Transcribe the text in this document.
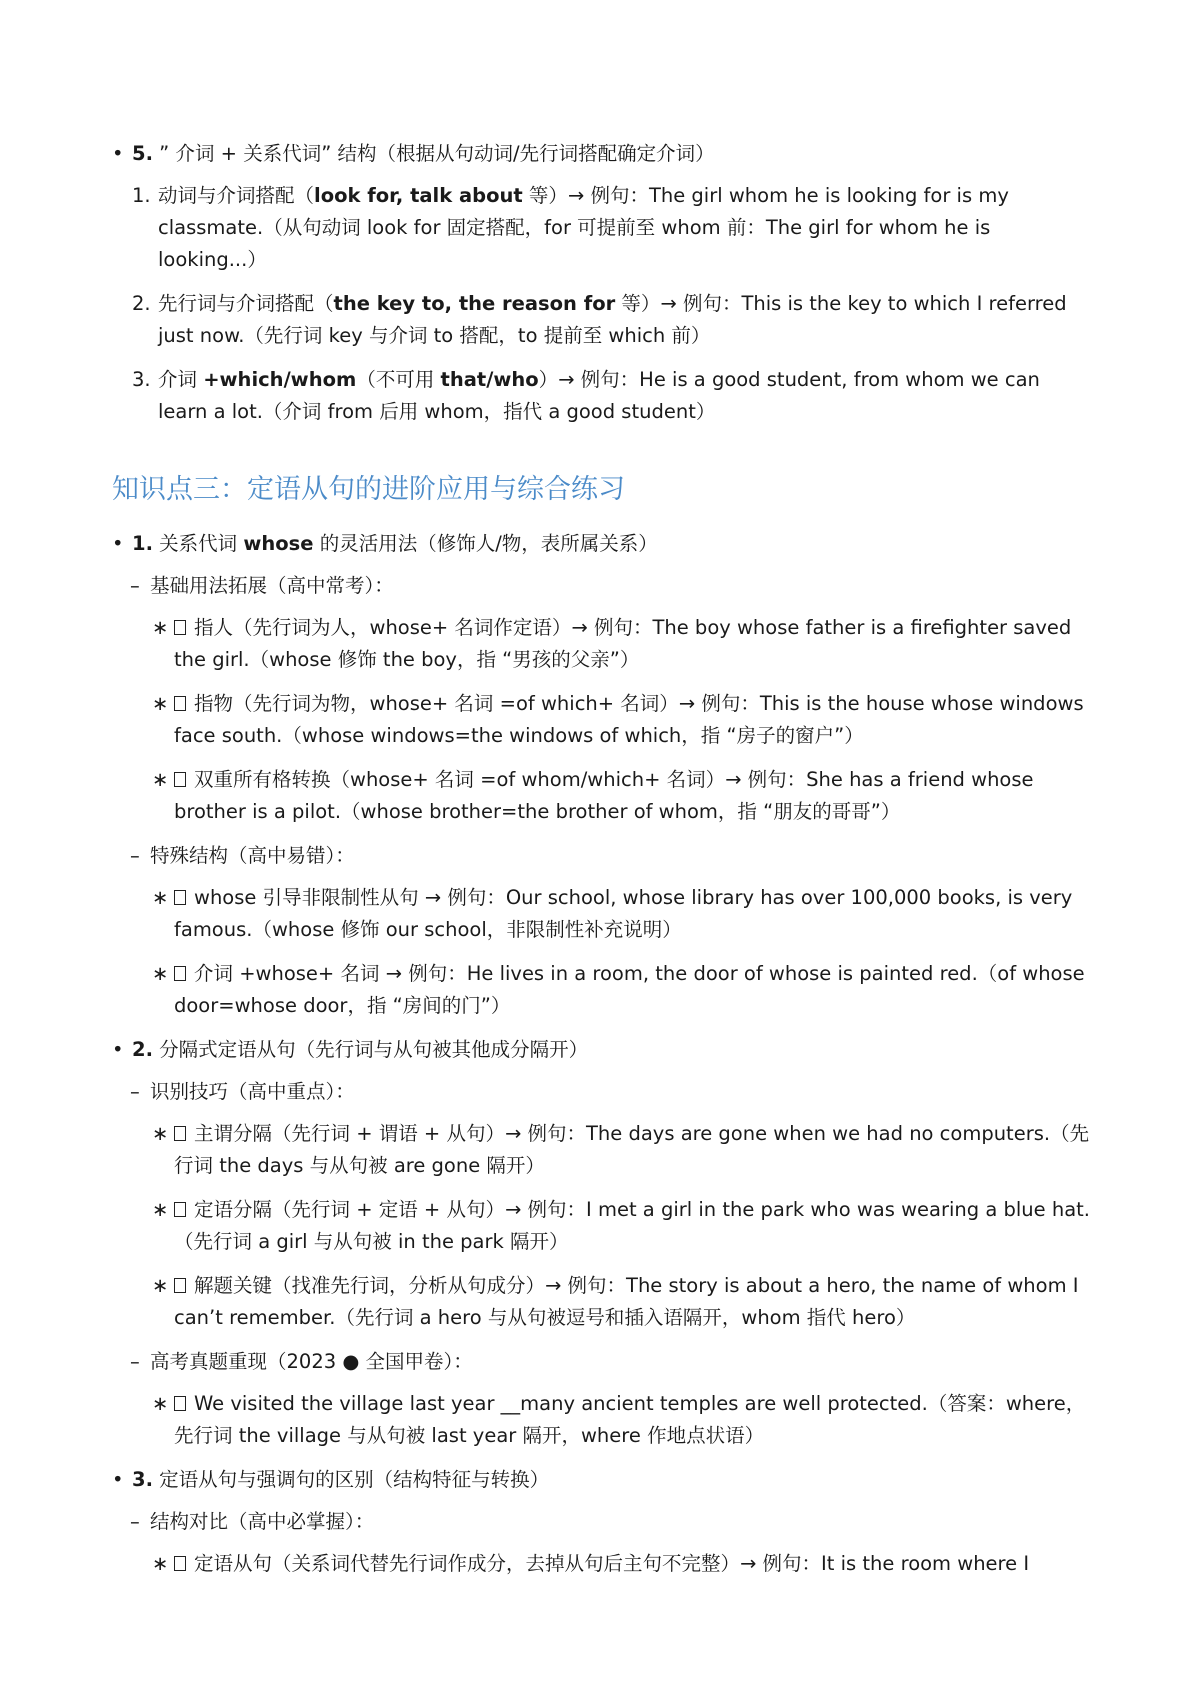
• 5. ” 介词 + 关系代词” 结构（根据从句动词/先行词搭配确定介词）
1. 动词与介词搭配（look for, talk about 等）→ 例句：The girl whom he is looking for is my classmate.（从句动词 look for 固定搭配，for 可提前至 whom 前：The girl for whom he is looking...）
2. 先行词与介词搭配（the key to, the reason for 等）→ 例句：This is the key to which I referred just now.（先行词 key 与介词 to 搭配，to 提前至 which 前）
3. 介词 +which/whom（不可用 that/who）→ 例句：He is a good student, from whom we can learn a lot.（介词 from 后用 whom，指代 a good student）
知识点三：定语从句的进阶应用与综合练习
• 1. 关系代词 whose 的灵活用法（修饰人/物，表所属关系）
– 基础用法拓展（高中常考）：
∗ 指人（先行词为人，whose+ 名词作定语）→ 例句：The boy whose father is a firefighter saved the girl.（whose 修饰 the boy，指 “男孩的父亲”）
∗ 指物（先行词为物，whose+ 名词 =of which+ 名词）→ 例句：This is the house whose windows face south.（whose windows=the windows of which，指 “房子的窗户”）
∗ 双重所有格转换（whose+ 名词 =of whom/which+ 名词）→ 例句：She has a friend whose brother is a pilot.（whose brother=the brother of whom，指 “朋友的哥哥”）
– 特殊结构（高中易错）：
∗ whose 引导非限制性从句 → 例句：Our school, whose library has over 100,000 books, is very famous.（whose 修饰 our school，非限制性补充说明）
∗ 介词 +whose+ 名词 → 例句：He lives in a room, the door of whose is painted red.（of whose door=whose door，指 “房间的门”）
• 2. 分隔式定语从句（先行词与从句被其他成分隔开）
– 识别技巧（高中重点）：
∗ 主谓分隔（先行词 + 谓语 + 从句）→ 例句：The days are gone when we had no computers.（先行词 the days 与从句被 are gone 隔开）
∗ 定语分隔（先行词 + 定语 + 从句）→ 例句：I met a girl in the park who was wearing a blue hat.（先行词 a girl 与从句被 in the park 隔开）
∗ 解题关键（找准先行词，分析从句成分）→ 例句：The story is about a hero, the name of whom I can’t remember.（先行词 a hero 与从句被逗号和插入语隔开，whom 指代 hero）
– 高考真题重现（2023 ● 全国甲卷）：
∗ We visited the village last year __many ancient temples are well protected.（答案：where，先行词 the village 与从句被 last year 隔开，where 作地点状语）
• 3. 定语从句与强调句的区别（结构特征与转换）
– 结构对比（高中必掌握）：
∗ 定语从句（关系词代替先行词作成分，去掉从句后主句不完整）→ 例句：It is the room where I
